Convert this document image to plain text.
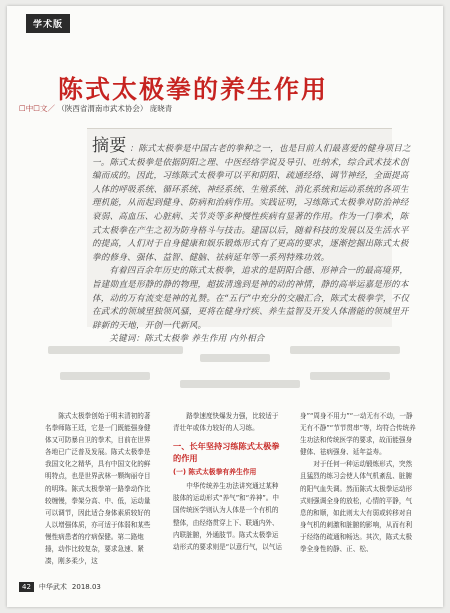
学术版
陈式太极拳的养生作用
☐中☐文／ （陕西省渭南市武术协会） 庞晓青

摘要 ：陈式太极拳是中国古老的拳种之一，也是目前人们最喜爱的健身项目之一。陈式太极拳是依据阴阳之理、中医经络学说及导引、吐纳术，综合武术技术创编而成的。因此，习练陈式太极拳可以平和阴阳、疏通经络、调节神经，全面提高人体的呼吸系统、循环系统、神经系统、生殖系统、消化系统和运动系统的各项生理机能，从而起到健身、防病和治病作用。实践证明，习练陈式太极拳对防治神经衰弱、高血压、心脏病、关节炎等多种慢性疾病有显著的作用。作为一门拳术，陈式太极拳在产生之初为防身格斗与技击。建国以后，随着科技的发展以及生活水平的提高，人们对于自身健康和娱乐锻炼形式有了更高的要求，逐渐挖掘出陈式太极拳的修身、强体、益智、健脑、祛病延年等一系列特殊功效。

有着四百余年历史的陈式太极拳，追求的是阴阳合德、形神合一的最高境界，旨建勋直是形静的静的物理，超拔清逸到是神的动的神情，静的高举运嘉是形的本体，动的万有流变是神的礼赞。在“五行”中充分的交融汇合，陈式太极拳学，不仅在武术的领域里独领风骚，更将在健身疗疾、养生益智及开发人体潜能的领域里开辟新的天地，开创一代新风。

关键词：陈式太极拳 养生作用 内外相合

陈式太极拳创始于明末清初的著名拳师陈王廷，它是一门既能强身健体又可防暴自卫的拳术，目前在世界各地已广泛普及发展。陈式太极拳是我国文化之精华，具有中国文化的鲜明特点，也是世界武林一颗绚丽夺目的明珠。陈式太极拳第一路拳动作比较缠慢，拳架分高、中、低，运动量可以调节，因此适合身体素质较好的人以增强体质，亦可适于体弱和某些慢性病患者的疗病保健。第二路炮捶，动作比较复杂，要求急速、紧凑，刚多柔少，这

路拳速度快爆发力强，比较适于青壮年或体力较好的人习练。

一、长年坚持习练陈式太极拳的作用
(一) 陈式太极拳有养生作用

中华传统养生功法讲究通过某种肢体的运动形式“养气”和“养神”。中国传统医学则认为人体是一个有机的整体，由经络贯穿上下、联通内外、内联脏腑，外通肢节。陈式太极拳运动形式的要求则是“以意行气，以气运

身”“周身不用力”“一动无有不动，一静无有不静”“节节贯串”等，均符合传统养生功法和传统医学的要求，故而能强身健体、祛病强身、延年益寿。

对于任何一种运动锻炼形式，突然且猛烈的练习会使人体气机紊乱、脏腑的阳气血失调。然而陈式太极拳运动形式则强调全身的放松，心情的平静，气息的和顺，如此则太大有弱或转移对自身气机的刺激和脏腑的影响，从而有利于经络的疏通和畅达。其次，陈式太极拳全身性的静、正、松、

42	中华武术 2018.03
